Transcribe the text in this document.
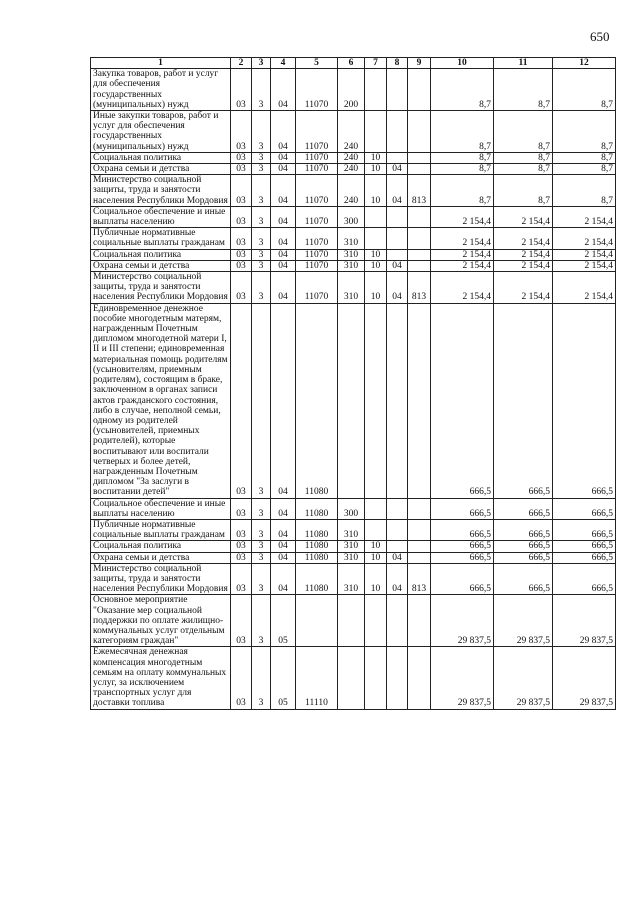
650
1	2	3	4	5	6	7	8	9	10	11	12
Закупка товаров, работ и услуг для обеспечения государственных (муниципальных) нужд	03	3	04	11070	200				8,7	8,7	8,7
Иные закупки товаров, работ и услуг для обеспечения государственных (муниципальных) нужд	03	3	04	11070	240				8,7	8,7	8,7
Социальная политика	03	3	04	11070	240	10			8,7	8,7	8,7
Охрана семьи и детства	03	3	04	11070	240	10	04		8,7	8,7	8,7
Министерство социальной защиты, труда и занятости населения Республики Мордовия	03	3	04	11070	240	10	04	813	8,7	8,7	8,7
Социальное обеспечение и иные выплаты населению	03	3	04	11070	300				2 154,4	2 154,4	2 154,4
Публичные нормативные социальные выплаты гражданам	03	3	04	11070	310				2 154,4	2 154,4	2 154,4
Социальная политика	03	3	04	11070	310	10			2 154,4	2 154,4	2 154,4
Охрана семьи и детства	03	3	04	11070	310	10	04		2 154,4	2 154,4	2 154,4
Министерство социальной защиты, труда и занятости населения Республики Мордовия	03	3	04	11070	310	10	04	813	2 154,4	2 154,4	2 154,4
Единовременное денежное пособие многодетным матерям, награжденным Почетным дипломом многодетной матери I, II и III степени; единовременная материальная помощь родителям (усыновителям, приемным родителям), состоящим в браке, заключенном в органах записи актов гражданского состояния, либо в случае, неполной семьи, одному из родителей (усыновителей, приемных родителей), которые воспитывают или воспитали четверых и более детей, награжденным Почетным дипломом "За заслуги в воспитании детей"	03	3	04	11080					666,5	666,5	666,5
Социальное обеспечение и иные выплаты населению	03	3	04	11080	300				666,5	666,5	666,5
Публичные нормативные социальные выплаты гражданам	03	3	04	11080	310				666,5	666,5	666,5
Социальная политика	03	3	04	11080	310	10			666,5	666,5	666,5
Охрана семьи и детства	03	3	04	11080	310	10	04		666,5	666,5	666,5
Министерство социальной защиты, труда и занятости населения Республики Мордовия	03	3	04	11080	310	10	04	813	666,5	666,5	666,5
Основное мероприятие "Оказание мер социальной поддержки по оплате жилищно-коммунальных услуг отдельным категориям граждан"	03	3	05						29 837,5	29 837,5	29 837,5
Ежемесячная денежная компенсация многодетным семьям на оплату коммунальных услуг, за исключением транспортных услуг для доставки топлива	03	3	05	11110					29 837,5	29 837,5	29 837,5
